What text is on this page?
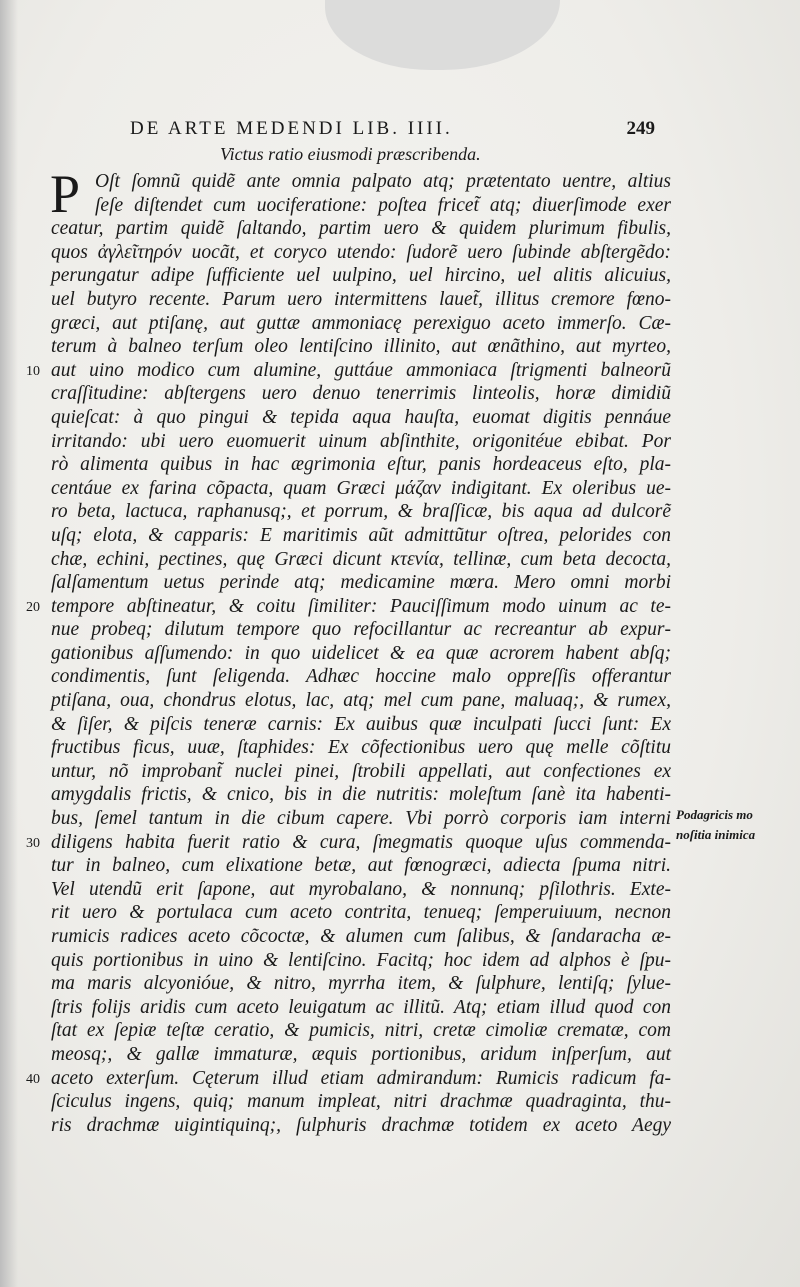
DE ARTE MEDENDI LIB. IIII.	249
Victus ratio eiusmodi præscribenda.
P Oſt ſomnũ quidẽ ante omnia palpato atq; prætentato uentre, altius
ſeſe diſtendet cum uociferatione: poſtea fricet̃ atq; diuerſimode exer
ceatur, partim quidẽ ſaltando, partim uero & quidem plurimum fibulis,
quos ἀγλεῖτηρόν uocãt, et coryco utendo: ſudorẽ uero ſubinde abſtergẽdo:
perungatur adipe ſufficiente uel uulpino, uel hircino, uel alitis alicuius,
uel butyro recente. Parum uero intermittens lauet̃, illitus cremore fœno‑
græci, aut ptiſanę, aut guttæ ammoniacę perexiguo aceto immerſo. Cæ‑
terum à balneo terſum oleo lentiſcino illinito, aut œnãthino, aut myrteo,
aut uino modico cum alumine, guttáue ammoniaca ſtrigmenti balneorũ
craſſitudine: abſtergens uero denuo tenerrimis linteolis, horæ dimidiũ
quieſcat: à quo pingui & tepida aqua hauſta, euomat digitis pennáue
irritando: ubi uero euomuerit uinum abſinthite, origonitéue ebibat. Por
rò alimenta quibus in hac ægrimonia eſtur, panis hordeaceus eſto, pla‑
centáue ex farina cõpacta, quam Græci μάζαν indigitant. Ex oleribus ue‑
ro beta, lactuca, raphanusq;, et porrum, & braſſicæ, bis aqua ad dulcorẽ
uſq; elota, & capparis: E maritimis aũt admittũtur oſtrea, pelorides con
chæ, echini, pectines, quę Græci dicunt κτενία, tellinæ, cum beta decocta,
ſalſamentum uetus perinde atq; medicamine mœra. Mero omni morbi
tempore abſtineatur, & coitu ſimiliter: Pauciſſimum modo uinum ac te‑
nue probeq; dilutum tempore quo refocillantur ac recreantur ab expur‑
gationibus aſſumendo: in quo uidelicet & ea quæ acrorem habent abſq;
condimentis, ſunt ſeligenda. Adhæc hoccine malo oppreſſis offerantur
ptiſana, oua, chondrus elotus, lac, atq; mel cum pane, maluaq;, & rumex,
& ſiſer, & piſcis teneræ carnis: Ex auibus quæ inculpati ſucci ſunt: Ex
fructibus ficus, uuæ, ſtaphides: Ex cõfectionibus uero quę melle cõſtitu
untur, nõ improbant̃ nuclei pinei, ſtrobili appellati, aut confectiones ex
amygdalis frictis, & cnico, bis in die nutritis: moleſtum ſanè ita habenti‑
bus, ſemel tantum in die cibum capere. Vbi porrò corporis iam interni
diligens habita fuerit ratio & cura, ſmegmatis quoque uſus commenda‑
tur in balneo, cum elixatione betæ, aut fœnogræci, adiecta ſpuma nitri.
Vel utendũ erit ſapone, aut myrobalano, & nonnunq; pſilothris. Exte‑
rit uero & portulaca cum aceto contrita, tenueq; ſemperuiuum, necnon
rumicis radices aceto cõcoctæ, & alumen cum ſalibus, & ſandaracha æ‑
quis portionibus in uino & lentiſcino. Facitq; hoc idem ad alphos è ſpu‑
ma maris alcyonióue, & nitro, myrrha item, & ſulphure, lentiſq; ſylue‑
ſtris folijs aridis cum aceto leuigatum ac illitũ. Atq; etiam illud quod con
ſtat ex ſepiæ teſtæ ceratio, & pumicis, nitri, cretæ cimoliæ crematæ, com
meosq;, & gallæ immaturæ, æquis portionibus, aridum inſperſum, aut
aceto exterſum. Cęterum illud etiam admirandum: Rumicis radicum fa‑
ſciculus ingens, quiq; manum impleat, nitri drachmæ quadraginta, thu‑
ris drachmæ uigintiquinq;, ſulphuris drachmæ totidem ex aceto Aegy
10
20
30
40
Podagricis mo
noſitia inimica
